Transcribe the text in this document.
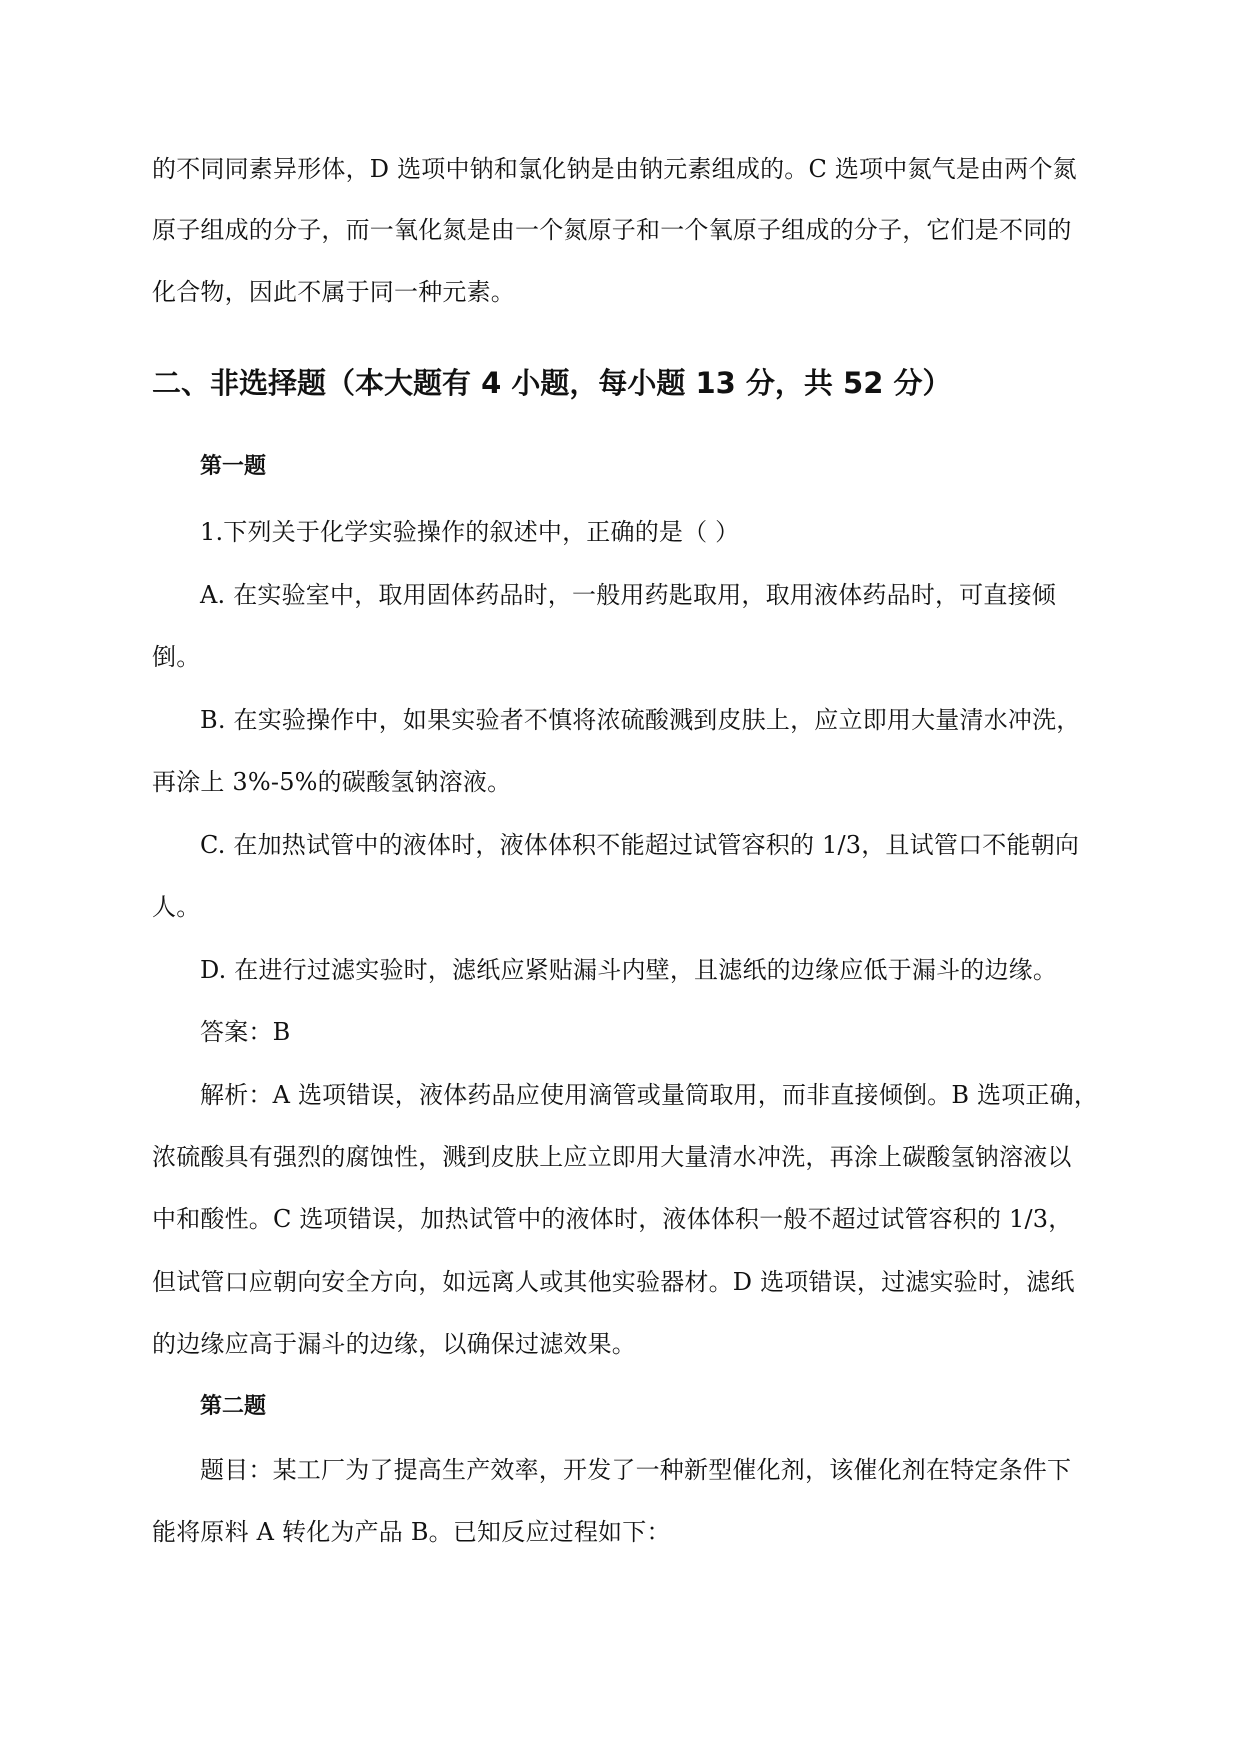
的不同同素异形体，D 选项中钠和氯化钠是由钠元素组成的。C 选项中氮气是由两个氮
原子组成的分子，而一氧化氮是由一个氮原子和一个氧原子组成的分子，它们是不同的
化合物，因此不属于同一种元素。
二、非选择题（本大题有 4 小题，每小题 13 分，共 52 分）
第一题
1.下列关于化学实验操作的叙述中，正确的是（ ）
A. 在实验室中，取用固体药品时，一般用药匙取用，取用液体药品时，可直接倾
倒。
B. 在实验操作中，如果实验者不慎将浓硫酸溅到皮肤上，应立即用大量清水冲洗，
再涂上 3%-5%的碳酸氢钠溶液。
C. 在加热试管中的液体时，液体体积不能超过试管容积的 1/3，且试管口不能朝向
人。
D. 在进行过滤实验时，滤纸应紧贴漏斗内壁，且滤纸的边缘应低于漏斗的边缘。
答案：B
解析：A 选项错误，液体药品应使用滴管或量筒取用，而非直接倾倒。B 选项正确，
浓硫酸具有强烈的腐蚀性，溅到皮肤上应立即用大量清水冲洗，再涂上碳酸氢钠溶液以
中和酸性。C 选项错误，加热试管中的液体时，液体体积一般不超过试管容积的 1/3，
但试管口应朝向安全方向，如远离人或其他实验器材。D 选项错误，过滤实验时，滤纸
的边缘应高于漏斗的边缘，以确保过滤效果。
第二题
题目：某工厂为了提高生产效率，开发了一种新型催化剂，该催化剂在特定条件下
能将原料 A 转化为产品 B。已知反应过程如下：
